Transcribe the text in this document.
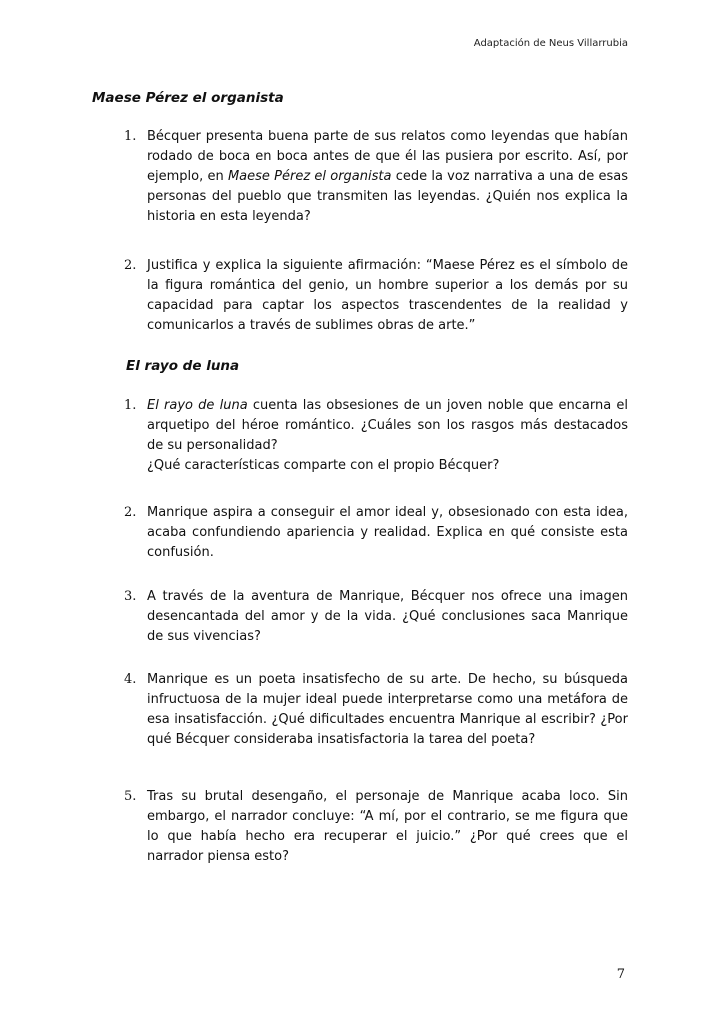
Adaptación de Neus Villarrubia
Maese Pérez el organista
1. Bécquer presenta buena parte de sus relatos como leyendas que habían rodado de boca en boca antes de que él las pusiera por escrito. Así, por ejemplo, en Maese Pérez el organista cede la voz narrativa a una de esas personas del pueblo que transmiten las leyendas. ¿Quién nos explica la historia en esta leyenda?
2. Justifica y explica la siguiente afirmación: “Maese Pérez es el símbolo de la figura romántica del genio, un hombre superior a los demás por su capacidad para captar los aspectos trascendentes de la realidad y comunicarlos a través de sublimes obras de arte.”
El rayo de luna
1. El rayo de luna cuenta las obsesiones de un joven noble que encarna el arquetipo del héroe romántico. ¿Cuáles son los rasgos más destacados de su personalidad?
¿Qué características comparte con el propio Bécquer?
2. Manrique aspira a conseguir el amor ideal y, obsesionado con esta idea, acaba confundiendo apariencia y realidad. Explica en qué consiste esta confusión.
3. A través de la aventura de Manrique, Bécquer nos ofrece una imagen desencantada del amor y de la vida. ¿Qué conclusiones saca Manrique de sus vivencias?
4. Manrique es un poeta insatisfecho de su arte. De hecho, su búsqueda infructuosa de la mujer ideal puede interpretarse como una metáfora de esa insatisfacción. ¿Qué dificultades encuentra Manrique al escribir? ¿Por qué Bécquer consideraba insatisfactoria la tarea del poeta?
5. Tras su brutal desengaño, el personaje de Manrique acaba loco. Sin embargo, el narrador concluye: “A mí, por el contrario, se me figura que lo que había hecho era recuperar el juicio.” ¿Por qué crees que el narrador piensa esto?
7
